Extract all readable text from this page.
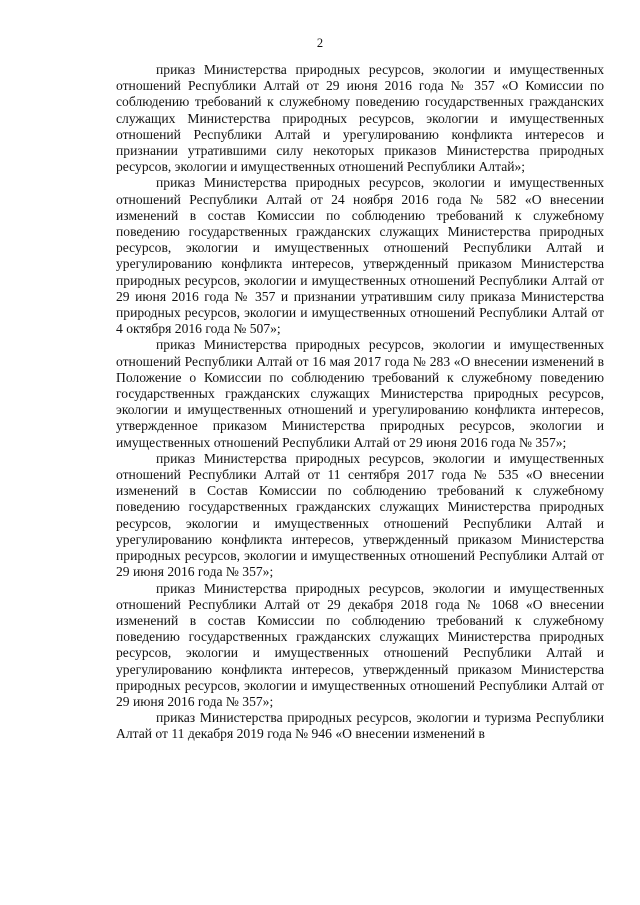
2

приказ Министерства природных ресурсов, экологии и имущественных отношений Республики Алтай от 29 июня 2016 года № 357 «О Комиссии по соблюдению требований к служебному поведению государственных гражданских служащих Министерства природных ресурсов, экологии и имущественных отношений Республики Алтай и урегулированию конфликта интересов и признании утратившими силу некоторых приказов Министерства природных ресурсов, экологии и имущественных отношений Республики Алтай»;

приказ Министерства природных ресурсов, экологии и имущественных отношений Республики Алтай от 24 ноября 2016 года № 582 «О внесении изменений в состав Комиссии по соблюдению требований к служебному поведению государственных гражданских служащих Министерства природных ресурсов, экологии и имущественных отношений Республики Алтай и урегулированию конфликта интересов, утвержденный приказом Министерства природных ресурсов, экологии и имущественных отношений Республики Алтай от 29 июня 2016 года № 357 и признании утратившим силу приказа Министерства природных ресурсов, экологии и имущественных отношений Республики Алтай от 4 октября 2016 года № 507»;

приказ Министерства природных ресурсов, экологии и имущественных отношений Республики Алтай от 16 мая 2017 года № 283 «О внесении изменений в Положение о Комиссии по соблюдению требований к служебному поведению государственных гражданских служащих Министерства природных ресурсов, экологии и имущественных отношений и урегулированию конфликта интересов, утвержденное приказом Министерства природных ресурсов, экологии и имущественных отношений Республики Алтай от 29 июня 2016 года № 357»;

приказ Министерства природных ресурсов, экологии и имущественных отношений Республики Алтай от 11 сентября 2017 года № 535 «О внесении изменений в Состав Комиссии по соблюдению требований к служебному поведению государственных гражданских служащих Министерства природных ресурсов, экологии и имущественных отношений Республики Алтай и урегулированию конфликта интересов, утвержденный приказом Министерства природных ресурсов, экологии и имущественных отношений Республики Алтай от 29 июня 2016 года № 357»;

приказ Министерства природных ресурсов, экологии и имущественных отношений Республики Алтай от 29 декабря 2018 года № 1068 «О внесении изменений в состав Комиссии по соблюдению требований к служебному поведению государственных гражданских служащих Министерства природных ресурсов, экологии и имущественных отношений Республики Алтай и урегулированию конфликта интересов, утвержденный приказом Министерства природных ресурсов, экологии и имущественных отношений Республики Алтай от 29 июня 2016 года № 357»;

приказ Министерства природных ресурсов, экологии и туризма Республики Алтай от 11 декабря 2019 года № 946 «О внесении изменений в
